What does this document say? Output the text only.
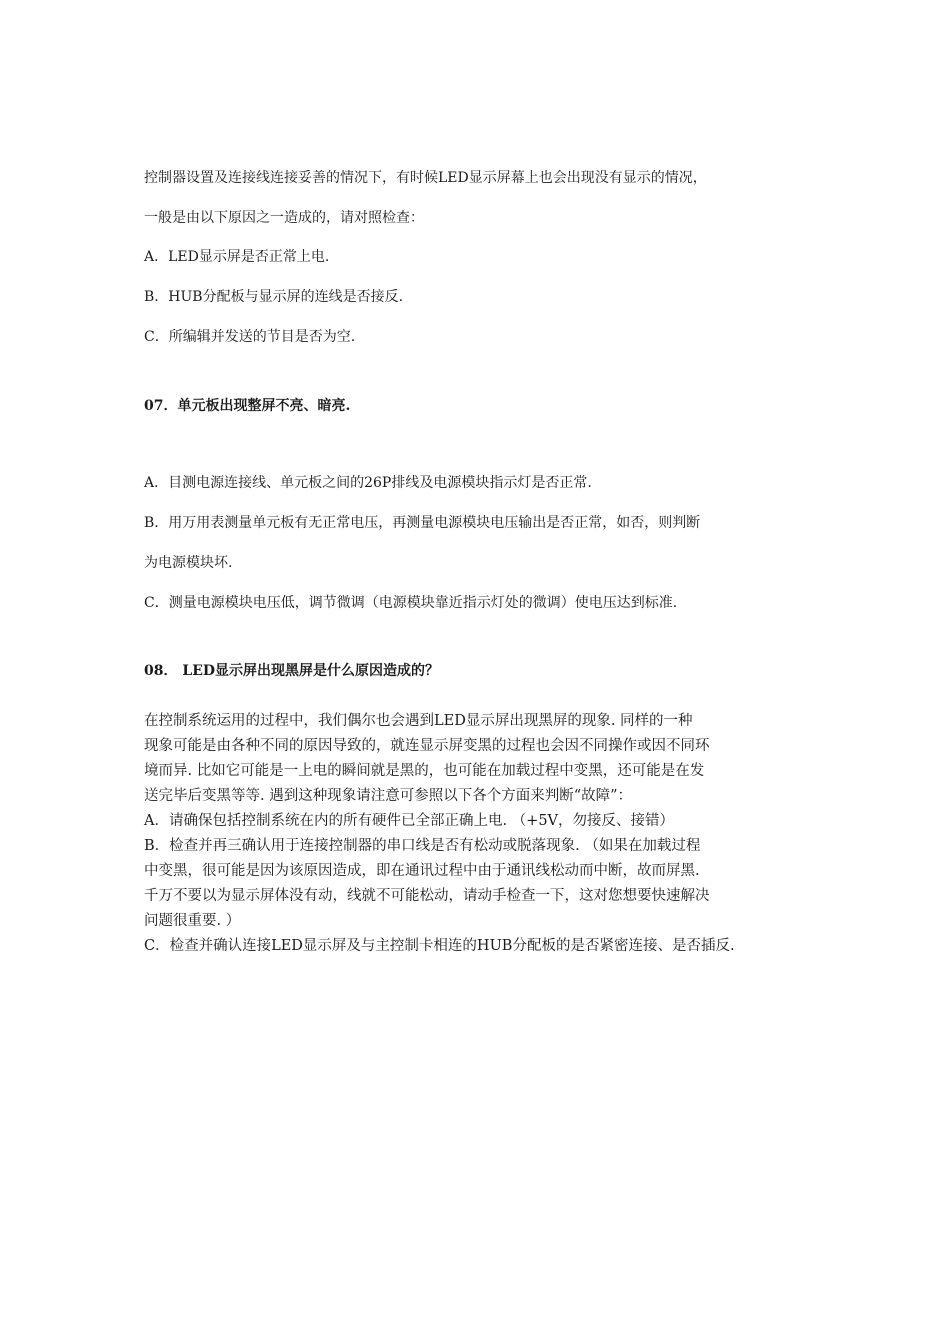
控制器设置及连接线连接妥善的情况下，有时候LED显示屏幕上也会出现没有显示的情况，
一般是由以下原因之一造成的，请对照检查：
A．LED显示屏是否正常上电.
B．HUB分配板与显示屏的连线是否接反.
C．所编辑并发送的节目是否为空.
07．单元板出现整屏不亮、暗亮.
A．目测电源连接线、单元板之间的26P排线及电源模块指示灯是否正常.
B．用万用表测量单元板有无正常电压，再测量电源模块电压输出是否正常，如否，则判断
为电源模块坏.
C．测量电源模块电压低，调节微调（电源模块靠近指示灯处的微调）使电压达到标准.
08． LED显示屏出现黑屏是什么原因造成的？
在控制系统运用的过程中，我们偶尔也会遇到LED显示屏出现黑屏的现象. 同样的一种
现象可能是由各种不同的原因导致的，就连显示屏变黑的过程也会因不同操作或因不同环
境而异. 比如它可能是一上电的瞬间就是黑的，也可能在加载过程中变黑，还可能是在发
送完毕后变黑等等. 遇到这种现象请注意可参照以下各个方面来判断“故障”：
A．请确保包括控制系统在内的所有硬件已全部正确上电. （+5V，勿接反、接错）
B．检查并再三确认用于连接控制器的串口线是否有松动或脱落现象. （如果在加载过程
中变黑，很可能是因为该原因造成，即在通讯过程中由于通讯线松动而中断，故而屏黑.
千万不要以为显示屏体没有动，线就不可能松动，请动手检查一下，这对您想要快速解决
问题很重要. ）
C．检查并确认连接LED显示屏及与主控制卡相连的HUB分配板的是否紧密连接、是否插反.
